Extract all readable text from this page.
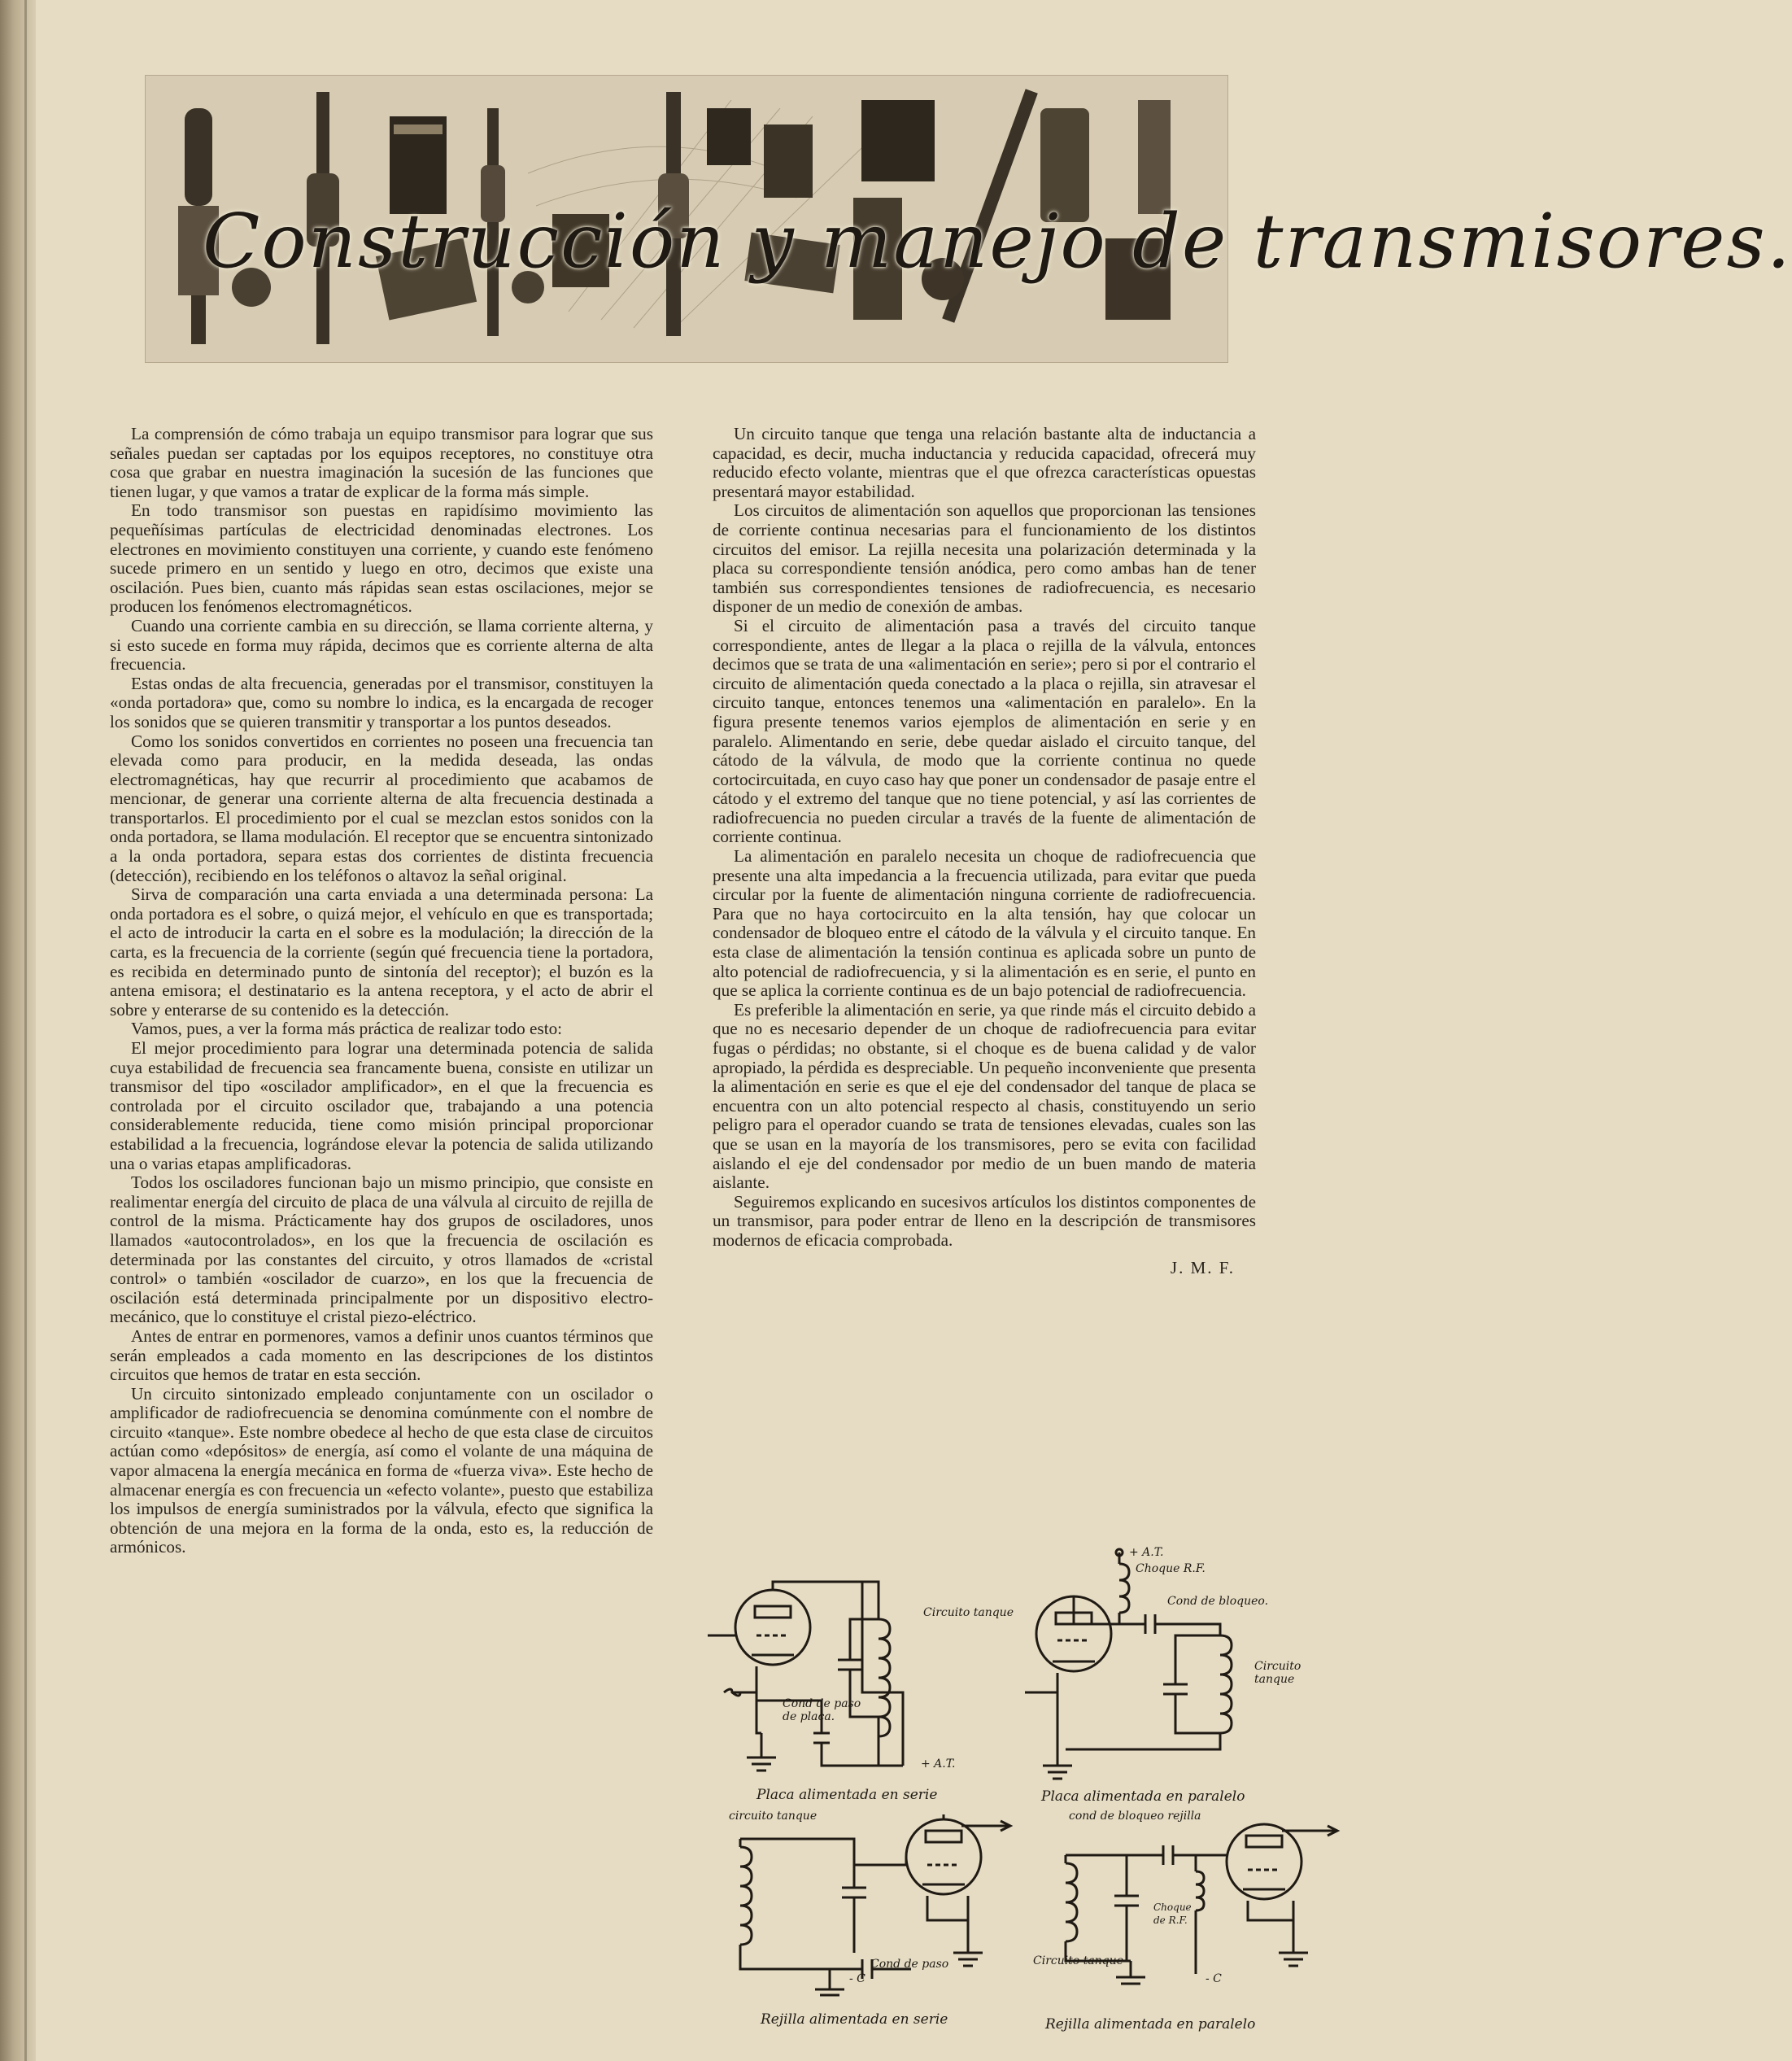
Construcción y manejo de transmisores.

La comprensión de cómo trabaja un equipo transmisor para lograr que sus señales puedan ser captadas por los equipos receptores, no constituye otra cosa que grabar en nuestra imaginación la sucesión de las funciones que tienen lugar, y que vamos a tratar de explicar de la forma más simple.

En todo transmisor son puestas en rapidísimo movimiento las pequeñísimas partículas de electricidad denominadas electrones. Los electrones en movimiento constituyen una corriente, y cuando este fenómeno sucede primero en un sentido y luego en otro, decimos que existe una oscilación. Pues bien, cuanto más rápidas sean estas oscilaciones, mejor se producen los fenómenos electromagnéticos.

Cuando una corriente cambia en su dirección, se llama corriente alterna, y si esto sucede en forma muy rápida, decimos que es corriente alterna de alta frecuencia.

Estas ondas de alta frecuencia, generadas por el transmisor, constituyen la «onda portadora» que, como su nombre lo indica, es la encargada de recoger los sonidos que se quieren transmitir y transportar a los puntos deseados.

Como los sonidos convertidos en corrientes no poseen una frecuencia tan elevada como para producir, en la medida deseada, las ondas electromagnéticas, hay que recurrir al procedimiento que acabamos de mencionar, de generar una corriente alterna de alta frecuencia destinada a transportarlos. El procedimiento por el cual se mezclan estos sonidos con la onda portadora, se llama modulación. El receptor que se encuentra sintonizado a la onda portadora, separa estas dos corrientes de distinta frecuencia (detección), recibiendo en los teléfonos o altavoz la señal original.

Sirva de comparación una carta enviada a una determinada persona: La onda portadora es el sobre, o quizá mejor, el vehículo en que es transportada; el acto de introducir la carta en el sobre es la modulación; la dirección de la carta, es la frecuencia de la corriente (según qué frecuencia tiene la portadora, es recibida en determinado punto de sintonía del receptor); el buzón es la antena emisora; el destinatario es la antena receptora, y el acto de abrir el sobre y enterarse de su contenido es la detección.

Vamos, pues, a ver la forma más práctica de realizar todo esto:

El mejor procedimiento para lograr una determinada potencia de salida cuya estabilidad de frecuencia sea francamente buena, consiste en utilizar un transmisor del tipo «oscilador amplificador», en el que la frecuencia es controlada por el circuito oscilador que, trabajando a una potencia considerablemente reducida, tiene como misión principal proporcionar estabilidad a la frecuencia, lográndose elevar la potencia de salida utilizando una o varias etapas amplificadoras.

Todos los osciladores funcionan bajo un mismo principio, que consiste en realimentar energía del circuito de placa de una válvula al circuito de rejilla de control de la misma. Prácticamente hay dos grupos de osciladores, unos llamados «autocontrolados», en los que la frecuencia de oscilación es determinada por las constantes del circuito, y otros llamados de «cristal control» o también «oscilador de cuarzo», en los que la frecuencia de oscilación está determinada principalmente por un dispositivo electro-mecánico, que lo constituye el cristal piezo-eléctrico.

Antes de entrar en pormenores, vamos a definir unos cuantos términos que serán empleados a cada momento en las descripciones de los distintos circuitos que hemos de tratar en esta sección.

Un circuito sintonizado empleado conjuntamente con un oscilador o amplificador de radiofrecuencia se denomina comúnmente con el nombre de circuito «tanque». Este nombre obedece al hecho de que esta clase de circuitos actúan como «depósitos» de energía, así como el volante de una máquina de vapor almacena la energía mecánica en forma de «fuerza viva». Este hecho de almacenar energía es con frecuencia un «efecto volante», puesto que estabiliza los impulsos de energía suministrados por la válvula, efecto que significa la obtención de una mejora en la forma de la onda, esto es, la reducción de armónicos.

Un circuito tanque que tenga una relación bastante alta de inductancia a capacidad, es decir, mucha inductancia y reducida capacidad, ofrecerá muy reducido efecto volante, mientras que el que ofrezca características opuestas presentará mayor estabilidad.

Los circuitos de alimentación son aquellos que proporcionan las tensiones de corriente continua necesarias para el funcionamiento de los distintos circuitos del emisor. La rejilla necesita una polarización determinada y la placa su correspondiente tensión anódica, pero como ambas han de tener también sus correspondientes tensiones de radiofrecuencia, es necesario disponer de un medio de conexión de ambas.

Si el circuito de alimentación pasa a través del circuito tanque correspondiente, antes de llegar a la placa o rejilla de la válvula, entonces decimos que se trata de una «alimentación en serie»; pero si por el contrario el circuito de alimentación queda conectado a la placa o rejilla, sin atravesar el circuito tanque, entonces tenemos una «alimentación en paralelo». En la figura presente tenemos varios ejemplos de alimentación en serie y en paralelo. Alimentando en serie, debe quedar aislado el circuito tanque, del cátodo de la válvula, de modo que la corriente continua no quede cortocircuitada, en cuyo caso hay que poner un condensador de pasaje entre el cátodo y el extremo del tanque que no tiene potencial, y así las corrientes de radiofrecuencia no pueden circular a través de la fuente de alimentación de corriente continua.

La alimentación en paralelo necesita un choque de radiofrecuencia que presente una alta impedancia a la frecuencia utilizada, para evitar que pueda circular por la fuente de alimentación ninguna corriente de radiofrecuencia. Para que no haya cortocircuito en la alta tensión, hay que colocar un condensador de bloqueo entre el cátodo de la válvula y el circuito tanque. En esta clase de alimentación la tensión continua es aplicada sobre un punto de alto potencial de radiofrecuencia, y si la alimentación es en serie, el punto en que se aplica la corriente continua es de un bajo potencial de radiofrecuencia.

Es preferible la alimentación en serie, ya que rinde más el circuito debido a que no es necesario depender de un choque de radiofrecuencia para evitar fugas o pérdidas; no obstante, si el choque es de buena calidad y de valor apropiado, la pérdida es despreciable. Un pequeño inconveniente que presenta la alimentación en serie es que el eje del condensador del tanque de placa se encuentra con un alto potencial respecto al chasis, constituyendo un serio peligro para el operador cuando se trata de tensiones elevadas, cuales son las que se usan en la mayoría de los transmisores, pero se evita con facilidad aislando el eje del condensador por medio de un buen mando de materia aislante.

Seguiremos explicando en sucesivos artículos los distintos componentes de un transmisor, para poder entrar de lleno en la descripción de transmisores modernos de eficacia comprobada.

J. M. F.
Circuito tanque
Cond de paso de placa.
+ A.T.
Placa alimentada en serie
+ A.T.
Choque R.F.
Cond de bloqueo.
Circuito tanque
Placa alimentada en paralelo
circuito tanque
Cond de paso
- C
Rejilla alimentada en serie
cond de bloqueo rejilla
Choque de R.F.
Circuito tanque
- C
Rejilla alimentada en paralelo
